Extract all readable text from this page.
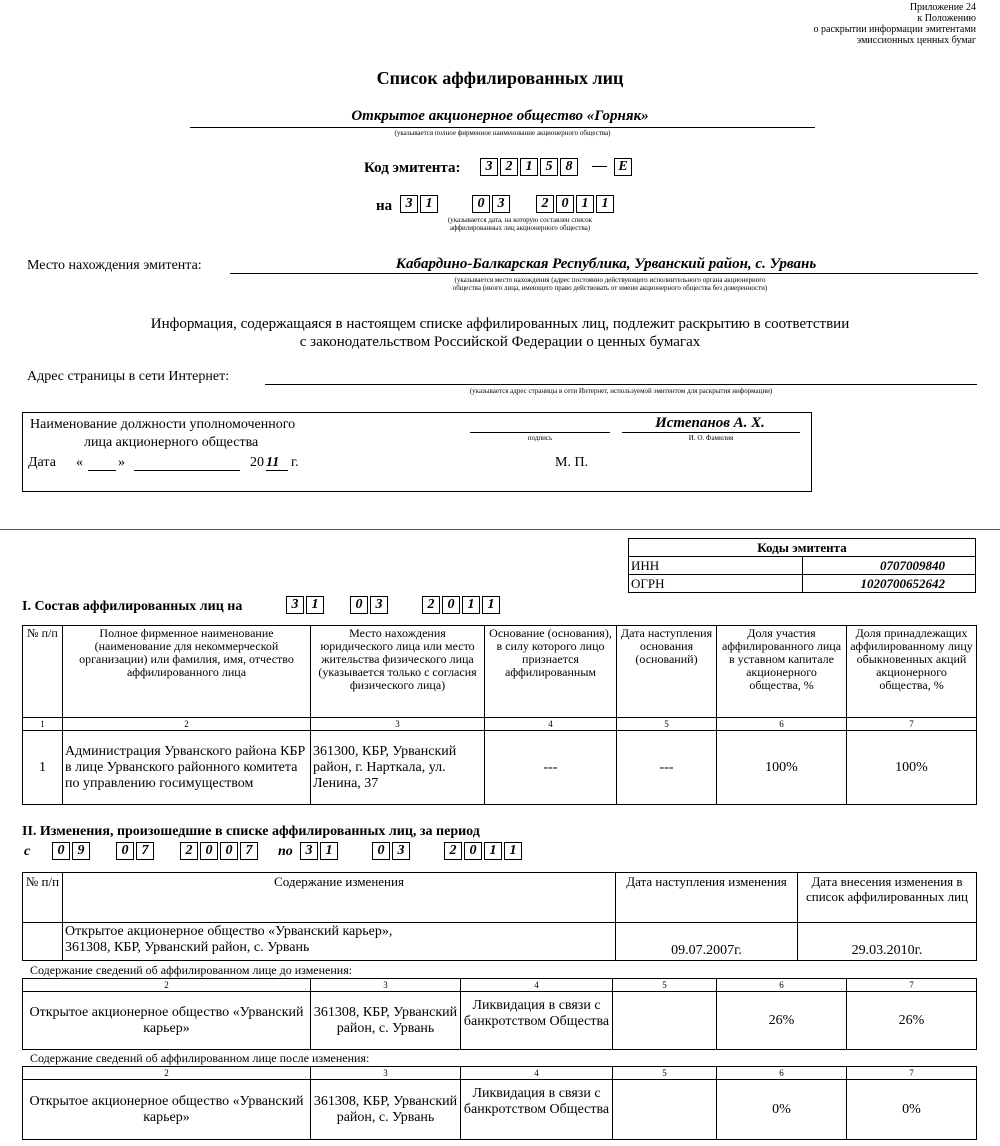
Приложение 24
к Положению
о раскрытии информации эмитентами
эмиссионных ценных бумаг
Список аффилированных лиц
Открытое акционерное общество «Горняк»
(указывается полное фирменное наименование акционерного общества)
Код эмитента:	3 2 1 5 8	— Е
на 3 1	0 3	2 0 1 1
(указывается дата, на которую составлен список
аффилированных лиц акционерного общества)
Место нахождения эмитента:	Кабардино-Балкарская Республика, Урванский район, с. Урвань
(указывается место нахождения (адрес постоянно действующего исполнительного органа акционерного
общества (иного лица, имеющего право действовать от имени акционерного общества без доверенности)
Информация, содержащаяся в настоящем списке аффилированных лиц, подлежит раскрытию в соответствии
с законодательством Российской Федерации о ценных бумагах
Адрес страницы в сети Интернет:
(указывается адрес страницы в сети Интернет, используемой эмитентом для раскрытия информации)
Наименование должности уполномоченного
лица акционерного общества
Дата «	»	20 11 г.
подпись
Истепанов А. Х.
И. О. Фамилия
М. П.
Коды эмитента	
ИНН	0707009840
ОГРН	1020700652642
I. Состав аффилированных лиц на	3 1	0 3	2 0 1 1
№ п/п	Полное фирменное наименование (наименование для некоммерческой организации) или фамилия, имя, отчество аффилированного лица	Место нахождения юридического лица или место жительства физического лица (указывается только с согласия физического лица)	Основание (основания), в силу которого лицо признается аффилированным	Дата наступления основания (оснований)	Доля участия аффилированного лица в уставном капитале акционерного общества, %	Доля принадлежащих аффилированному лицу обыкновенных акций акционерного общества, %
1	2	3	4	5	6	7
1	Администрация Урванского района КБР в лице Урванского районного комитета по управлению госимуществом	361300, КБР, Урванский район, г. Нарткала, ул. Ленина, 37	---	---	100%	100%
II. Изменения, произошедшие в списке аффилированных лиц, за период
с	0 9	0 7	2 0 0 7	по 3 1	0 3	2 0 1 1
№ п/п	Содержание изменения	Дата наступления изменения	Дата внесения изменения в список аффилированных лиц

	Открытое акционерное общество «Урванский карьер»,
361308, КБР, Урванский район, с. Урвань	09.07.2007г.	29.03.2010г.
Содержание сведений об аффилированном лице до изменения:
2	3	4	5	6	7
Открытое акционерное общество «Урванский карьер»	361308, КБР, Урванский район, с. Урвань	Ликвидация в связи с банкротством Общества		26%	26%
Содержание сведений об аффилированном лице после изменения:
2	3	4	5	6	7
Открытое акционерное общество «Урванский карьер»	361308, КБР, Урванский район, с. Урвань	Ликвидация в связи с банкротством Общества		0%	0%
